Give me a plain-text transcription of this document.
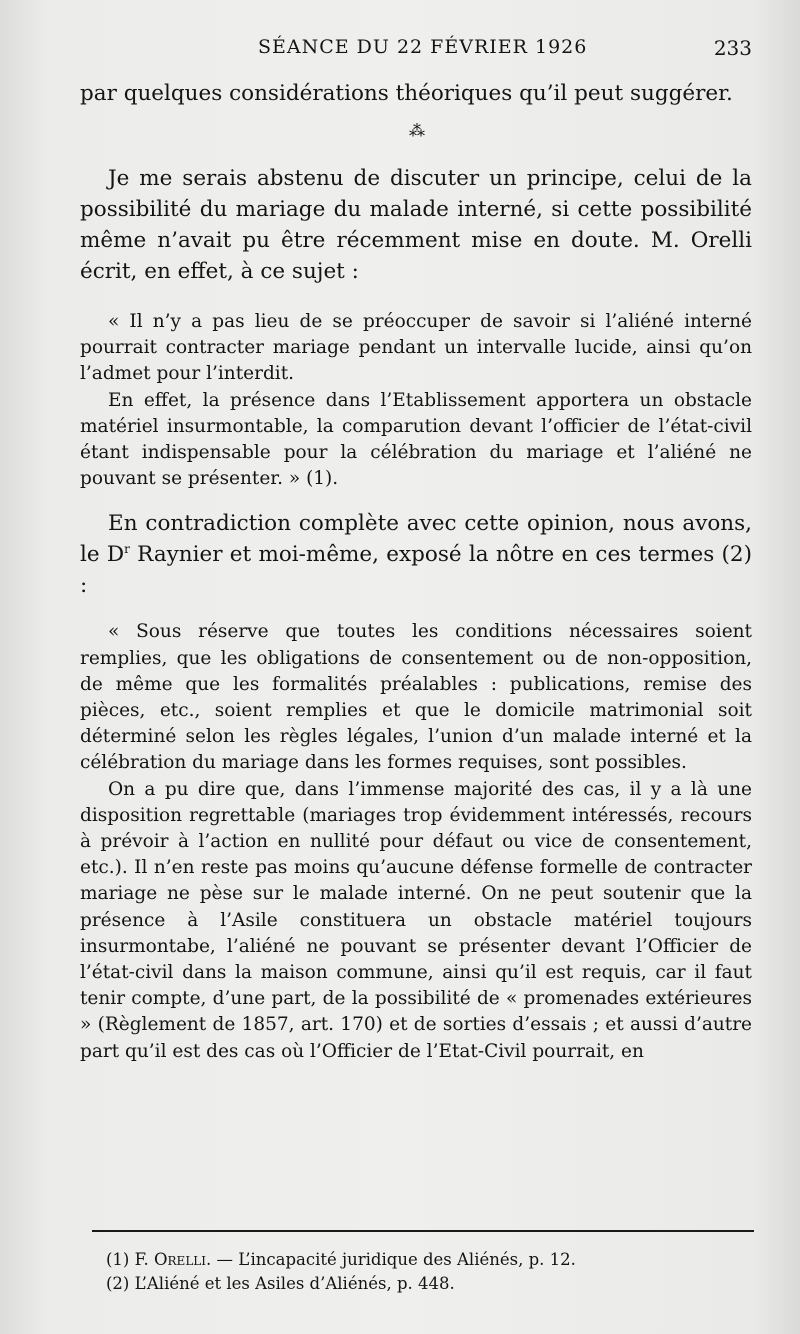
SÉANCE DU 22 FÉVRIER 1926	233

par quelques considérations théoriques qu’il peut suggérer.

⁂

Je me serais abstenu de discuter un principe, celui de la possibilité du mariage du malade interné, si cette possibilité même n’avait pu être récemment mise en doute. M. Orelli écrit, en effet, à ce sujet :

« Il n’y a pas lieu de se préoccuper de savoir si l’aliéné interné pourrait contracter mariage pendant un intervalle lucide, ainsi qu’on l’admet pour l’interdit.

En effet, la présence dans l’Etablissement apportera un obstacle matériel insurmontable, la comparution devant l’officier de l’état-civil étant indispensable pour la célébration du mariage et l’aliéné ne pouvant se présenter. » (1).

En contradiction complète avec cette opinion, nous avons, le $D^r$ Raynier et moi-même, exposé la nôtre en ces termes (2) :

« Sous réserve que toutes les conditions nécessaires soient remplies, que les obligations de consentement ou de non-opposition, de même que les formalités préalables : publications, remise des pièces, etc., soient remplies et que le domicile matrimonial soit déterminé selon les règles légales, l’union d’un malade interné et la célébration du mariage dans les formes requises, sont possibles.

On a pu dire que, dans l’immense majorité des cas, il y a là une disposition regrettable (mariages trop évidemment intéressés, recours à prévoir à l’action en nullité pour défaut ou vice de consentement, etc.). Il n’en reste pas moins qu’aucune défense formelle de contracter mariage ne pèse sur le malade interné. On ne peut soutenir que la présence à l’Asile constituera un obstacle matériel toujours insurmontabe, l’aliéné ne pouvant se présenter devant l’Officier de l’état-civil dans la maison commune, ainsi qu’il est requis, car il faut tenir compte, d’une part, de la possibilité de « promenades extérieures » (Règlement de 1857, art. 170) et de sorties d’essais ; et aussi d’autre part qu’il est des cas où l’Officier de l’Etat-Civil pourrait, en

(1) F. Orelli. — L’incapacité juridique des Aliénés, p. 12.
(2) L’Aliéné et les Asiles d’Aliénés, p. 448.
